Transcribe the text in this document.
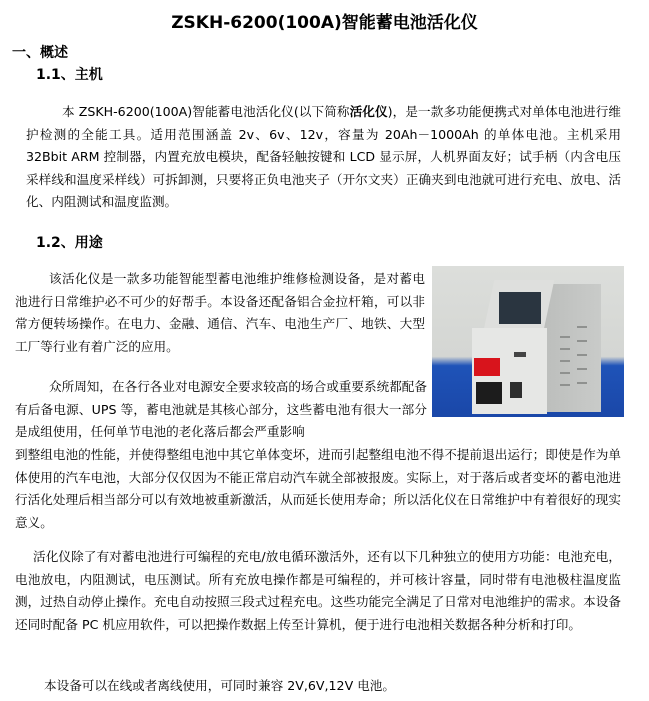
ZSKH-6200(100A)智能蓄电池活化仪
一、概述
1.1、主机

本 ZSKH-6200(100A)智能蓄电池活化仪(以下简称活化仪)，是一款多功能便携式对单体电池进行维护检测的全能工具。适用范围涵盖 2v、6v、12v，容量为 20Ah－1000Ah 的单体电池。主机采用 32Bbit ARM 控制器，内置充放电模块，配备轻触按键和 LCD 显示屏，人机界面友好；试手柄（内含电压采样线和温度采样线）可拆卸测，只要将正负电池夹子（开尔文夹）正确夹到电池就可进行充电、放电、活化、内阻测试和温度监测。

1.2、用途

该活化仪是一款多功能智能型蓄电池维护维修检测设备，是对蓄电池进行日常维护必不可少的好帮手。本设备还配备铝合金拉杆箱，可以非常方便转场操作。在电力、金融、通信、汽车、电池生产厂、地铁、大型工厂等行业有着广泛的应用。

众所周知，在各行各业对电源安全要求较高的场合或重要系统都配备有后备电源、UPS 等，蓄电池就是其核心部分，这些蓄电池有很大一部分是成组使用，任何单节电池的老化落后都会严重影响

到整组电池的性能，并使得整组电池中其它单体变坏，进而引起整组电池不得不提前退出运行；即使是作为单体使用的汽车电池，大部分仅仅因为不能正常启动汽车就全部被报废。实际上，对于落后或者变坏的蓄电池进行活化处理后相当部分可以有效地被重新激活，从而延长使用寿命；所以活化仪在日常维护中有着很好的现实意义。

活化仪除了有对蓄电池进行可编程的充电/放电循环激活外，还有以下几种独立的使用方功能：电池充电，电池放电，内阻测试，电压测试。所有充放电操作都是可编程的，并可核计容量，同时带有电池极柱温度监测，过热自动停止操作。充电自动按照三段式过程充电。这些功能完全满足了日常对电池维护的需求。本设备还同时配备 PC 机应用软件，可以把操作数据上传至计算机，便于进行电池相关数据各种分析和打印。

本设备可以在线或者离线使用，可同时兼容 2V,6V,12V 电池。
